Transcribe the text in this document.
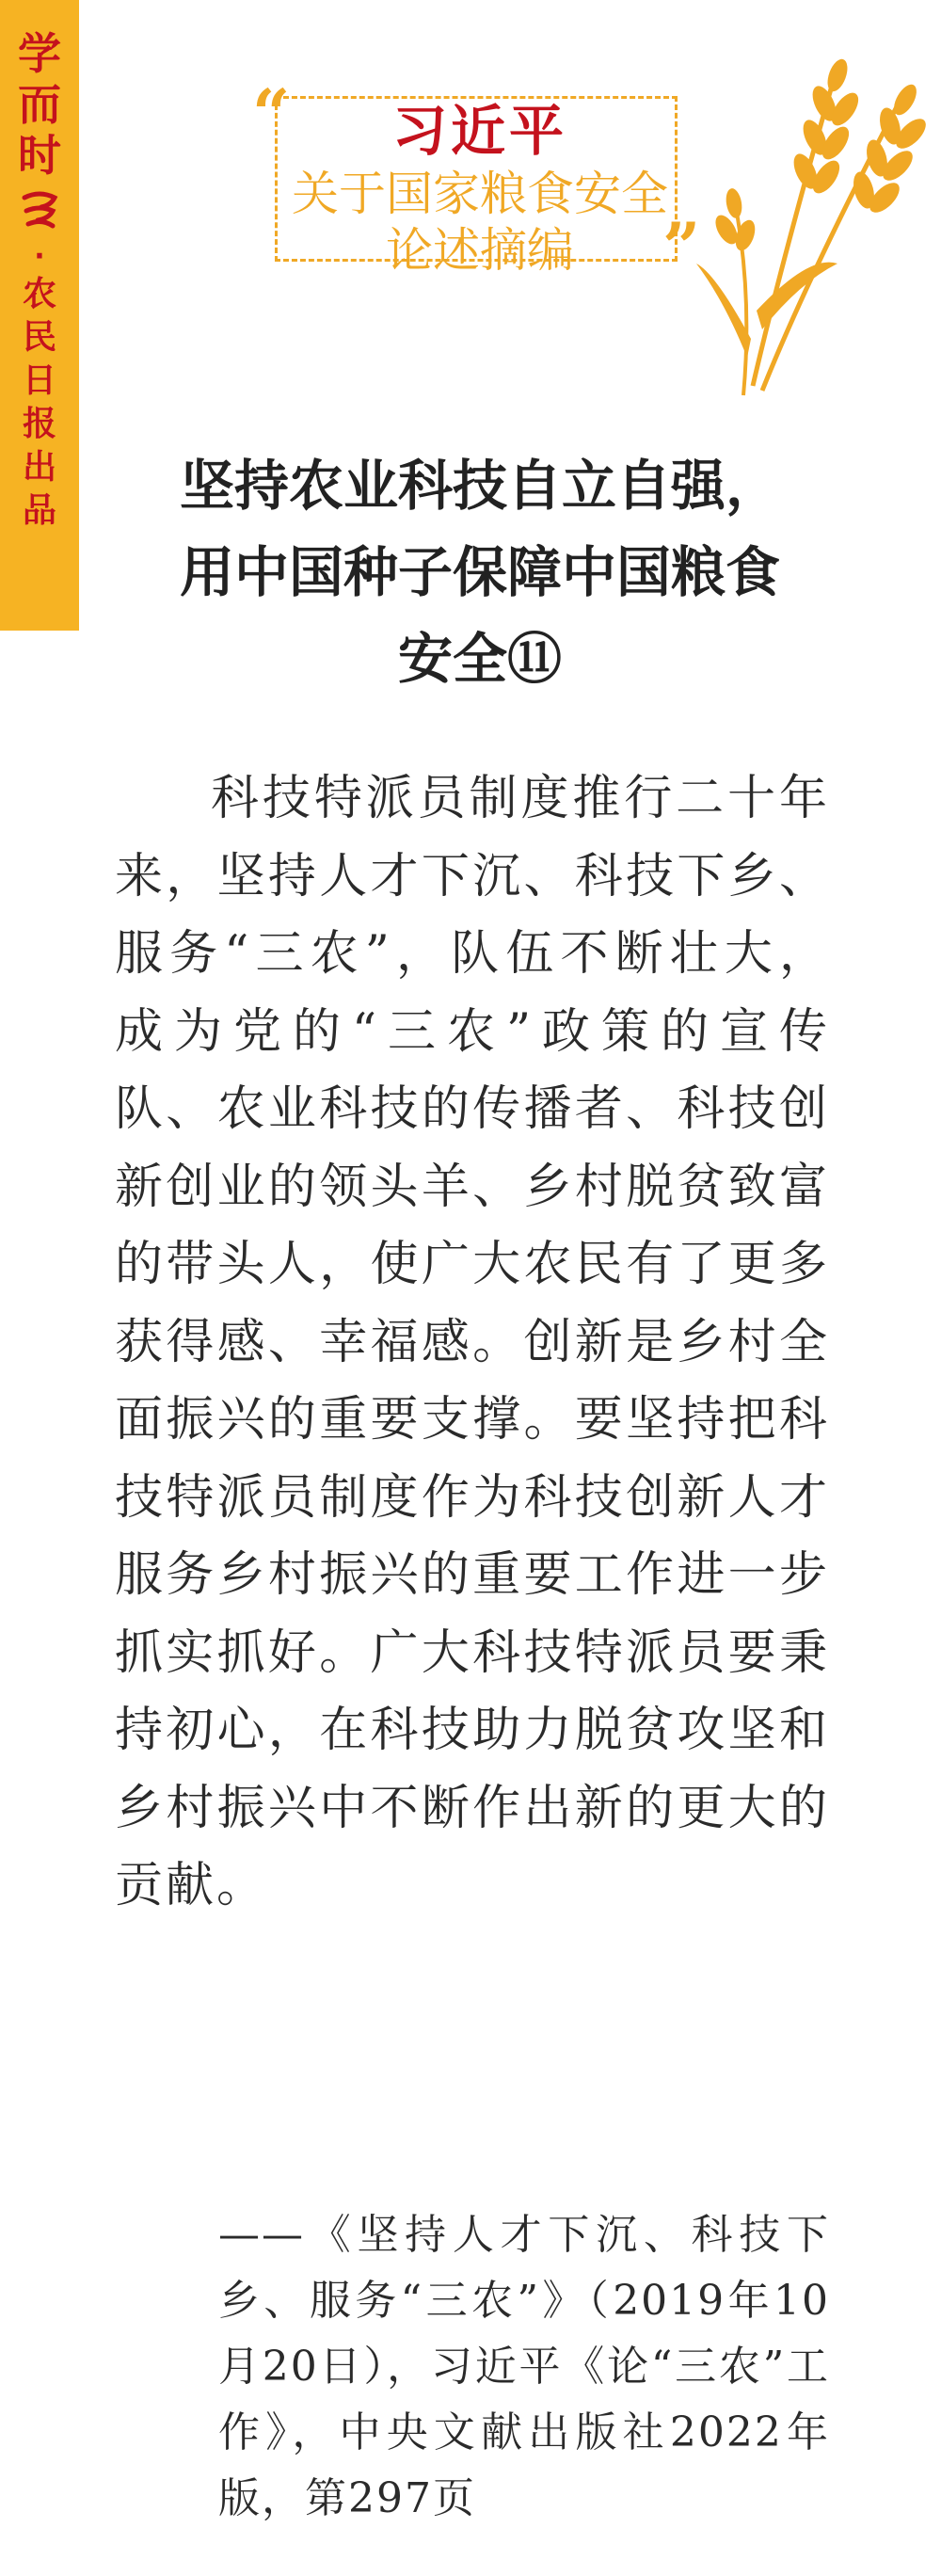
学
而
时
·
农
民
日
报
出
品
“
”
习近平
关于国家粮食安全
论述摘编
坚持农业科技自立自强，
用中国种子保障中国粮食
安全⑪

科技特派员制度推行二十年来，坚持人才下沉、科技下乡、服务“三农”，队伍不断壮大，成为党的“三农”政策的宣传队、农业科技的传播者、科技创新创业的领头羊、乡村脱贫致富的带头人，使广大农民有了更多获得感、幸福感。创新是乡村全面振兴的重要支撑。要坚持把科技特派员制度作为科技创新人才服务乡村振兴的重要工作进一步抓实抓好。广大科技特派员要秉持初心，在科技助力脱贫攻坚和乡村振兴中不断作出新的更大的贡献。

——《坚持人才下沉、科技下乡、服务“三农”》（2019年10月20日），习近平《论“三农”工作》，中央文献出版社2022年版，第297页
